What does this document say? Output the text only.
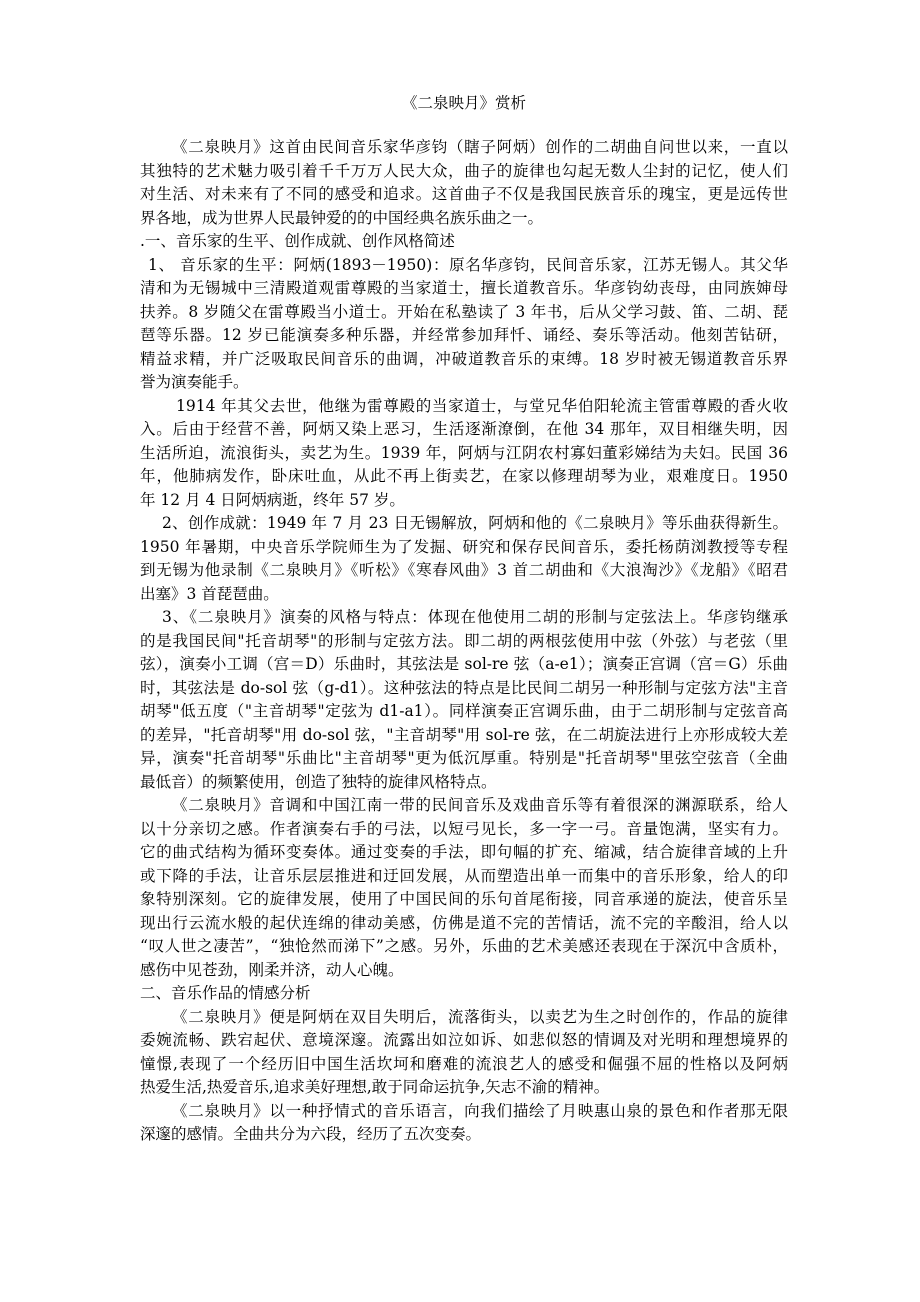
《二泉映月》赏析
《二泉映月》这首由民间音乐家华彦钧（瞎子阿炳）创作的二胡曲自问世以来，一直以
其独特的艺术魅力吸引着千千万万人民大众，曲子的旋律也勾起无数人尘封的记忆，使人们
对生活、对未来有了不同的感受和追求。这首曲子不仅是我国民族音乐的瑰宝，更是远传世
界各地，成为世界人民最钟爱的的中国经典名族乐曲之一。
.一、音乐家的生平、创作成就、创作风格简述
1、 音乐家的生平：阿炳(1893－1950)：原名华彦钧，民间音乐家，江苏无锡人。其父华
清和为无锡城中三清殿道观雷尊殿的当家道士，擅长道教音乐。华彦钧幼丧母，由同族婶母
扶养。8 岁随父在雷尊殿当小道士。开始在私塾读了 3 年书，后从父学习鼓、笛、二胡、琵
琶等乐器。12 岁已能演奏多种乐器，并经常参加拜忏、诵经、奏乐等活动。他刻苦钻研，
精益求精，并广泛吸取民间音乐的曲调，冲破道教音乐的束缚。18 岁时被无锡道教音乐界
誉为演奏能手。
1914 年其父去世，他继为雷尊殿的当家道士，与堂兄华伯阳轮流主管雷尊殿的香火收
入。后由于经营不善，阿炳又染上恶习，生活逐渐潦倒，在他 34 那年，双目相继失明，因
生活所迫，流浪街头，卖艺为生。1939 年，阿炳与江阴农村寡妇董彩娣结为夫妇。民国 36
年，他肺病发作，卧床吐血，从此不再上街卖艺，在家以修理胡琴为业，艰难度日。1950
年 12 月 4 日阿炳病逝，终年 57 岁。
2、创作成就：1949 年 7 月 23 日无锡解放，阿炳和他的《二泉映月》等乐曲获得新生。
1950 年暑期，中央音乐学院师生为了发掘、研究和保存民间音乐，委托杨荫浏教授等专程
到无锡为他录制《二泉映月》《听松》《寒春风曲》3 首二胡曲和《大浪淘沙》《龙船》《昭君
出塞》3 首琵琶曲。
3、《二泉映月》演奏的风格与特点：体现在他使用二胡的形制与定弦法上。华彦钧继承
的是我国民间"托音胡琴"的形制与定弦方法。即二胡的两根弦使用中弦（外弦）与老弦（里
弦），演奏小工调（宫＝D）乐曲时，其弦法是 sol-re 弦（a-e1）；演奏正宫调（宫＝G）乐曲
时，其弦法是 do-sol 弦（g-d1）。这种弦法的特点是比民间二胡另一种形制与定弦方法"主音
胡琴"低五度（"主音胡琴"定弦为 d1-a1）。同样演奏正宫调乐曲，由于二胡形制与定弦音高
的差异，"托音胡琴"用 do-sol 弦，"主音胡琴"用 sol-re 弦，在二胡旋法进行上亦形成较大差
异，演奏"托音胡琴"乐曲比"主音胡琴"更为低沉厚重。特别是"托音胡琴"里弦空弦音（全曲
最低音）的频繁使用，创造了独特的旋律风格特点。
《二泉映月》音调和中国江南一带的民间音乐及戏曲音乐等有着很深的渊源联系，给人
以十分亲切之感。作者演奏右手的弓法，以短弓见长，多一字一弓。音量饱满，坚实有力。
它的曲式结构为循环变奏体。通过变奏的手法，即句幅的扩充、缩减，结合旋律音域的上升
或下降的手法，让音乐层层推进和迂回发展，从而塑造出单一而集中的音乐形象，给人的印
象特别深刻。它的旋律发展，使用了中国民间的乐句首尾衔接，同音承递的旋法，使音乐呈
现出行云流水般的起伏连绵的律动美感，仿佛是道不完的苦情话，流不完的辛酸泪，给人以
“叹人世之凄苦”，“独怆然而涕下”之感。另外，乐曲的艺术美感还表现在于深沉中含质朴，
感伤中见苍劲，刚柔并济，动人心魄。
二、音乐作品的情感分析
《二泉映月》便是阿炳在双目失明后，流落街头，以卖艺为生之时创作的，作品的旋律
委婉流畅、跌宕起伏、意境深邃。流露出如泣如诉、如悲似怒的情调及对光明和理想境界的
憧憬,表现了一个经历旧中国生活坎坷和磨难的流浪艺人的感受和倔强不屈的性格以及阿炳
热爱生活,热爱音乐,追求美好理想,敢于同命运抗争,矢志不渝的精神。
《二泉映月》以一种抒情式的音乐语言，向我们描绘了月映惠山泉的景色和作者那无限
深邃的感情。全曲共分为六段，经历了五次变奏。
